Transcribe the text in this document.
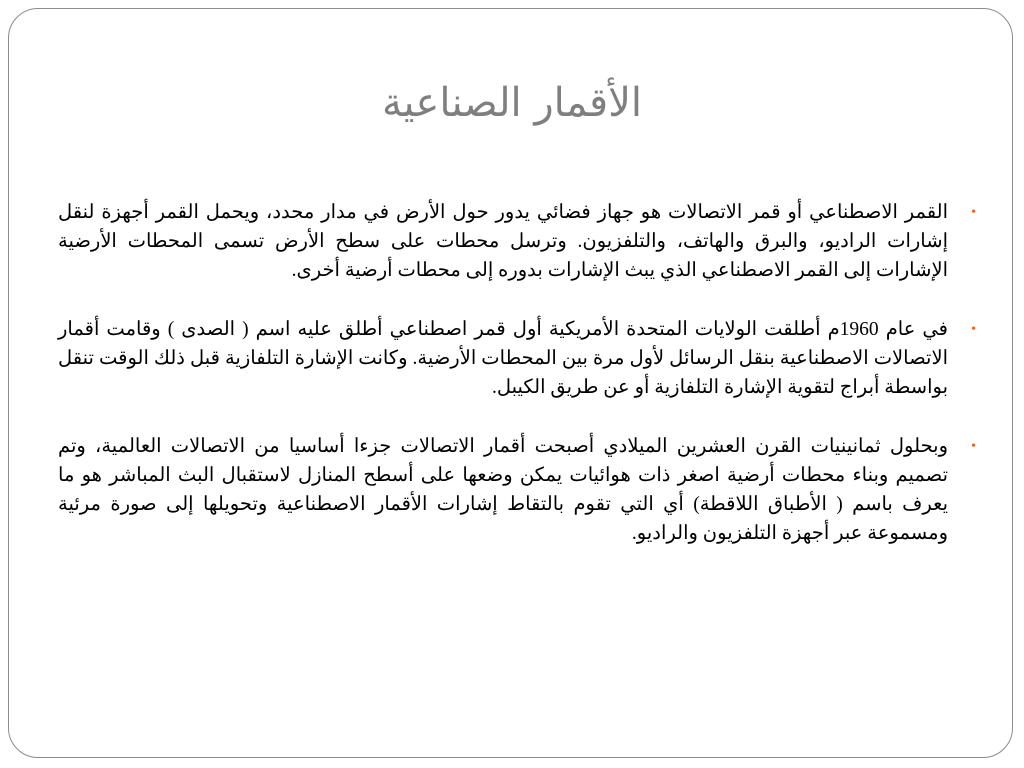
الأقمار الصناعية
•
القمر الاصطناعي أو قمر الاتصالات هو جهاز فضائي يدور حول الأرض في مدار محدد، ويحمل القمر أجهزة لنقل إشارات الراديو، والبرق والهاتف، والتلفزيون. وترسل محطات على سطح الأرض تسمى المحطات الأرضية الإشارات إلى القمر الاصطناعي الذي يبث الإشارات بدوره إلى محطات أرضية أخرى.
•
في عام 1960م أطلقت الولايات المتحدة الأمريكية أول قمر اصطناعي أطلق عليه اسم ( الصدى ) وقامت أقمار الاتصالات الاصطناعية بنقل الرسائل لأول مرة بين المحطات الأرضية. وكانت الإشارة التلفازية قبل ذلك الوقت تنقل بواسطة أبراج لتقوية الإشارة التلفازية أو عن طريق الكيبل.
•
وبحلول ثمانينيات القرن العشرين الميلادي أصبحت أقمار الاتصالات جزءا أساسيا من الاتصالات العالمية، وتم تصميم وبناء محطات أرضية اصغر ذات هوائيات يمكن وضعها على أسطح المنازل لاستقبال البث المباشر هو ما يعرف باسم ( الأطباق اللاقطة) أي التي تقوم بالتقاط إشارات الأقمار الاصطناعية وتحويلها إلى صورة مرئية ومسموعة عبر أجهزة التلفزيون والراديو.
